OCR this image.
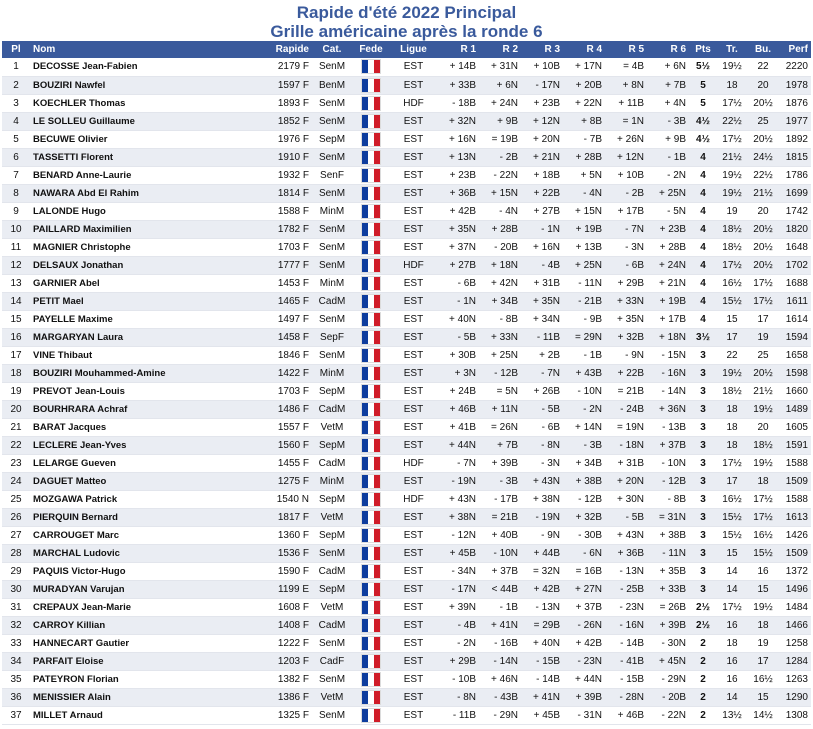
Rapide d'été 2022 Principal
Grille américaine après la ronde 6
Pl	Nom	Rapide	Cat.	Fede	Ligue	R 1	R 2	R 3	R 4	R 5	R 6	Pts	Tr.	Bu.	Perf
1	DECOSSE Jean-Fabien	2179 F	SenM		EST	+ 14B	+ 31N	+ 10B	+ 17N	= 4B	+ 6N	5½	19½	22	2220
2	BOUZIRI Nawfel	1597 F	BenM		EST	+ 33B	+ 6N	- 17N	+ 20B	+ 8N	+ 7B	5	18	20	1978
3	KOECHLER Thomas	1893 F	SenM		HDF	- 18B	+ 24N	+ 23B	+ 22N	+ 11B	+ 4N	5	17½	20½	1876
4	LE SOLLEU Guillaume	1852 F	SenM		EST	+ 32N	+ 9B	+ 12N	+ 8B	= 1N	- 3B	4½	22½	25	1977
5	BECUWE Olivier	1976 F	SepM		EST	+ 16N	= 19B	+ 20N	- 7B	+ 26N	+ 9B	4½	17½	20½	1892
6	TASSETTI Florent	1910 F	SenM		EST	+ 13N	- 2B	+ 21N	+ 28B	+ 12N	- 1B	4	21½	24½	1815
7	BENARD Anne-Laurie	1932 F	SenF		EST	+ 23B	- 22N	+ 18B	+ 5N	+ 10B	- 2N	4	19½	22½	1786
8	NAWARA Abd El Rahim	1814 F	SenM		EST	+ 36B	+ 15N	+ 22B	- 4N	- 2B	+ 25N	4	19½	21½	1699
9	LALONDE Hugo	1588 F	MinM		EST	+ 42B	- 4N	+ 27B	+ 15N	+ 17B	- 5N	4	19	20	1742
10	PAILLARD Maximilien	1782 F	SenM		EST	+ 35N	+ 28B	- 1N	+ 19B	- 7N	+ 23B	4	18½	20½	1820
11	MAGNIER Christophe	1703 F	SenM		EST	+ 37N	- 20B	+ 16N	+ 13B	- 3N	+ 28B	4	18½	20½	1648
12	DELSAUX Jonathan	1777 F	SenM		HDF	+ 27B	+ 18N	- 4B	+ 25N	- 6B	+ 24N	4	17½	20½	1702
13	GARNIER Abel	1453 F	MinM		EST	- 6B	+ 42N	+ 31B	- 11N	+ 29B	+ 21N	4	16½	17½	1688
14	PETIT Mael	1465 F	CadM		EST	- 1N	+ 34B	+ 35N	- 21B	+ 33N	+ 19B	4	15½	17½	1611
15	PAYELLE Maxime	1497 F	SenM		EST	+ 40N	- 8B	+ 34N	- 9B	+ 35N	+ 17B	4	15	17	1614
16	MARGARYAN Laura	1458 F	SepF		EST	- 5B	+ 33N	- 11B	= 29N	+ 32B	+ 18N	3½	17	19	1594
17	VINE Thibaut	1846 F	SenM		EST	+ 30B	+ 25N	+ 2B	- 1B	- 9N	- 15N	3	22	25	1658
18	BOUZIRI Mouhammed-Amine	1422 F	MinM		EST	+ 3N	- 12B	- 7N	+ 43B	+ 22B	- 16N	3	19½	20½	1598
19	PREVOT Jean-Louis	1703 F	SepM		EST	+ 24B	= 5N	+ 26B	- 10N	= 21B	- 14N	3	18½	21½	1660
20	BOURHRARA Achraf	1486 F	CadM		EST	+ 46B	+ 11N	- 5B	- 2N	- 24B	+ 36N	3	18	19½	1489
21	BARAT Jacques	1557 F	VetM		EST	+ 41B	= 26N	- 6B	+ 14N	= 19N	- 13B	3	18	20	1605
22	LECLERE Jean-Yves	1560 F	SepM		EST	+ 44N	+ 7B	- 8N	- 3B	- 18N	+ 37B	3	18	18½	1591
23	LELARGE Gueven	1455 F	CadM		HDF	- 7N	+ 39B	- 3N	+ 34B	+ 31B	- 10N	3	17½	19½	1588
24	DAGUET Matteo	1275 F	MinM		EST	- 19N	- 3B	+ 43N	+ 38B	+ 20N	- 12B	3	17	18	1509
25	MOZGAWA Patrick	1540 N	SepM		HDF	+ 43N	- 17B	+ 38N	- 12B	+ 30N	- 8B	3	16½	17½	1588
26	PIERQUIN Bernard	1817 F	VetM		EST	+ 38N	= 21B	- 19N	+ 32B	- 5B	= 31N	3	15½	17½	1613
27	CARROUGET Marc	1360 F	SepM		EST	- 12N	+ 40B	- 9N	- 30B	+ 43N	+ 38B	3	15½	16½	1426
28	MARCHAL Ludovic	1536 F	SenM		EST	+ 45B	- 10N	+ 44B	- 6N	+ 36B	- 11N	3	15	15½	1509
29	PAQUIS Victor-Hugo	1590 F	CadM		EST	- 34N	+ 37B	= 32N	= 16B	- 13N	+ 35B	3	14	16	1372
30	MURADYAN Varujan	1199 E	SepM		EST	- 17N	< 44B	+ 42B	+ 27N	- 25B	+ 33B	3	14	15	1496
31	CREPAUX Jean-Marie	1608 F	VetM		EST	+ 39N	- 1B	- 13N	+ 37B	- 23N	= 26B	2½	17½	19½	1484
32	CARROY Killian	1408 F	CadM		EST	- 4B	+ 41N	= 29B	- 26N	- 16N	+ 39B	2½	16	18	1466
33	HANNECART Gautier	1222 F	SenM		EST	- 2N	- 16B	+ 40N	+ 42B	- 14B	- 30N	2	18	19	1258
34	PARFAIT Eloise	1203 F	CadF		EST	+ 29B	- 14N	- 15B	- 23N	- 41B	+ 45N	2	16	17	1284
35	PATEYRON Florian	1382 F	SenM		EST	- 10B	+ 46N	- 14B	+ 44N	- 15B	- 29N	2	16	16½	1263
36	MENISSIER Alain	1386 F	VetM		EST	- 8N	- 43B	+ 41N	+ 39B	- 28N	- 20B	2	14	15	1290
37	MILLET Arnaud	1325 F	SenM		EST	- 11B	- 29N	+ 45B	- 31N	+ 46B	- 22N	2	13½	14½	1308
